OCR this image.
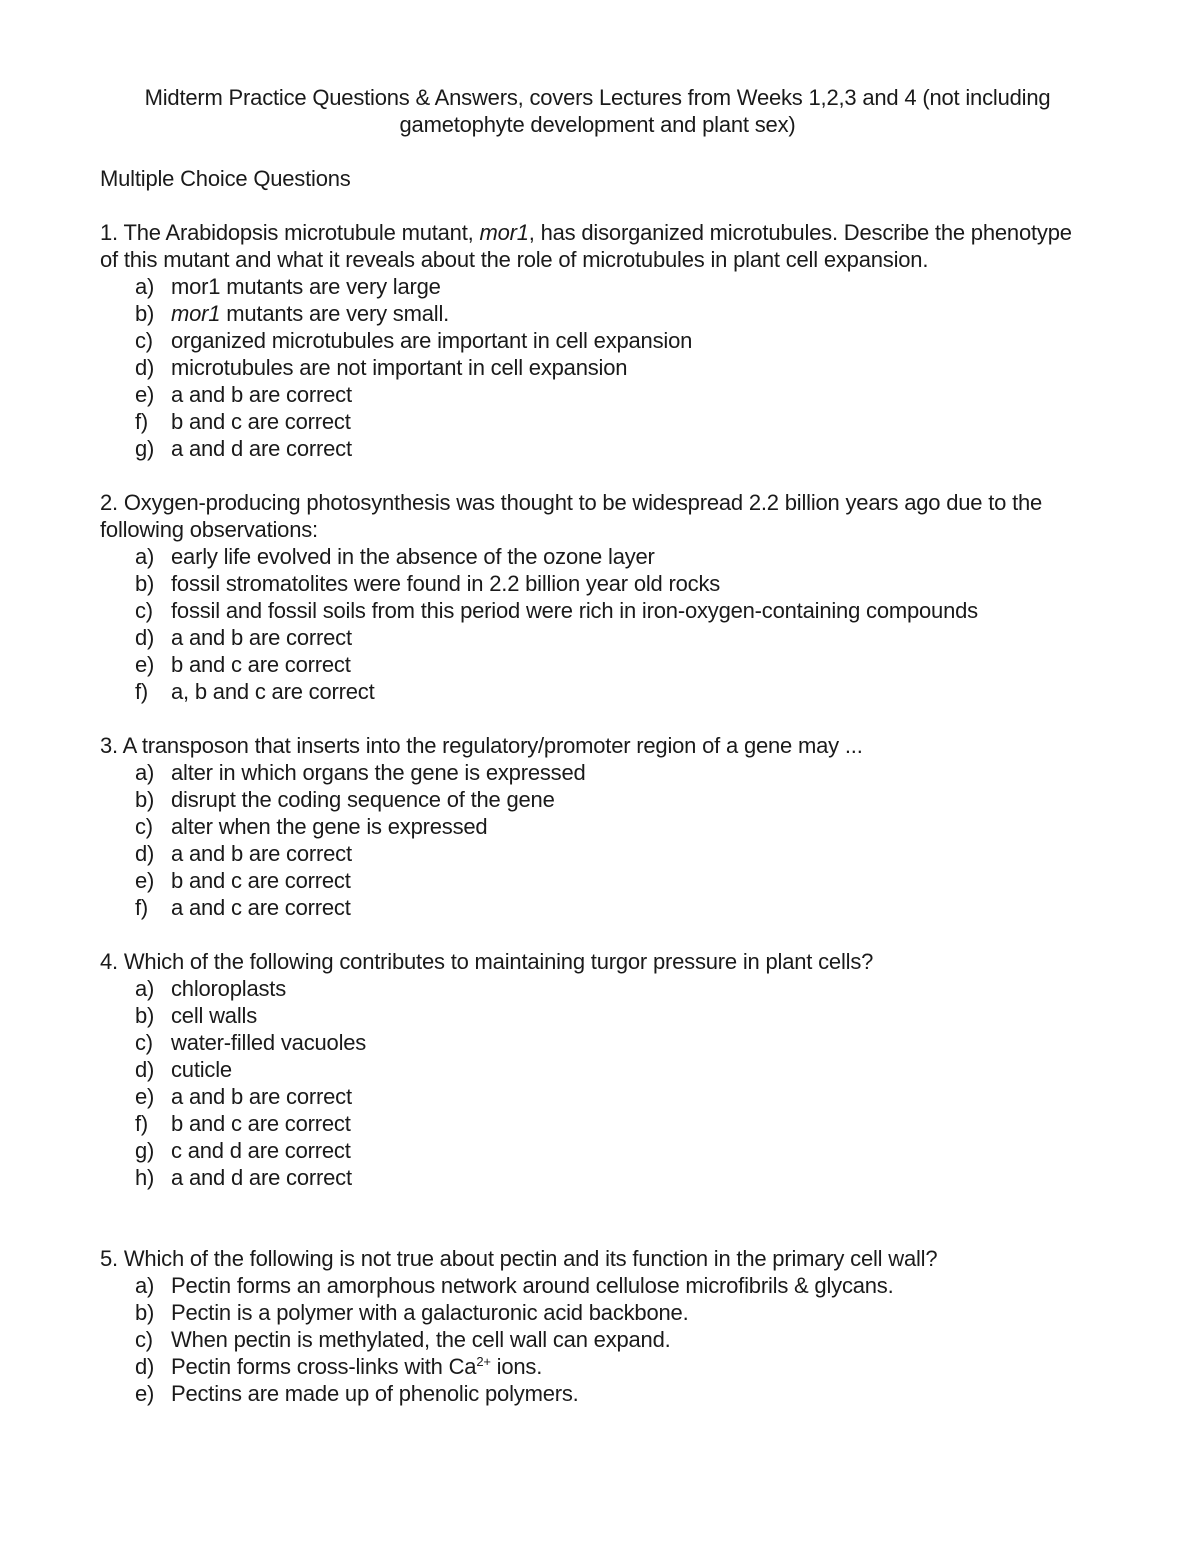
Midterm Practice Questions & Answers, covers Lectures from Weeks 1,2,3 and 4 (not including
gametophyte development and plant sex)
Multiple Choice Questions

1. The Arabidopsis microtubule mutant, mor1, has disorganized microtubules. Describe the phenotype of this mutant and what it reveals about the role of microtubules in plant cell expansion.

a) mor1 mutants are very large
b) mor1 mutants are very small.
c) organized microtubules are important in cell expansion
d) microtubules are not important in cell expansion
e) a and b are correct
f) b and c are correct
g) a and d are correct

2. Oxygen-producing photosynthesis was thought to be widespread 2.2 billion years ago due to the following observations:

a) early life evolved in the absence of the ozone layer
b) fossil stromatolites were found in 2.2 billion year old rocks
c) fossil and fossil soils from this period were rich in iron-oxygen-containing compounds
d) a and b are correct
e) b and c are correct
f) a, b and c are correct

3. A transposon that inserts into the regulatory/promoter region of a gene may ...

a) alter in which organs the gene is expressed
b) disrupt the coding sequence of the gene
c) alter when the gene is expressed
d) a and b are correct
e) b and c are correct
f) a and c are correct

4. Which of the following contributes to maintaining turgor pressure in plant cells?

a) chloroplasts
b) cell walls
c) water-filled vacuoles
d) cuticle
e) a and b are correct
f) b and c are correct
g) c and d are correct
h) a and d are correct

5. Which of the following is not true about pectin and its function in the primary cell wall?

a) Pectin forms an amorphous network around cellulose microfibrils & glycans.
b) Pectin is a polymer with a galacturonic acid backbone.
c) When pectin is methylated, the cell wall can expand.
d) Pectin forms cross-links with $Ca^{2+}$ ions.
e) Pectins are made up of phenolic polymers.
